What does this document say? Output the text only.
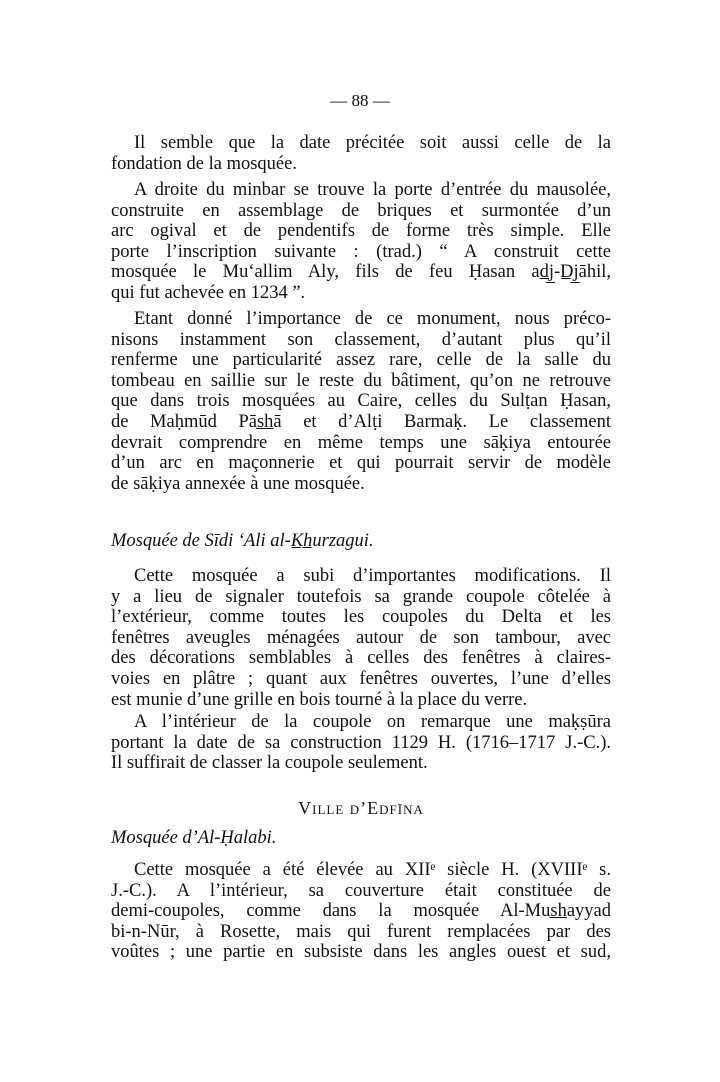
— 88 —
Il semble que la date précitée soit aussi celle de la
fondation de la mosquée.
A droite du minbar se trouve la porte d’entrée du mausolée,
construite en assemblage de briques et surmontée d’un
arc ogival et de pendentifs de forme très simple. Elle
porte l’inscription suivante : (trad.) “ A construit cette
mosquée le Mu‘allim Aly, fils de feu Ḥasan ad̲j̲-D̲j̲āhil,
qui fut achevée en 1234 ”.
Etant donné l’importance de ce monument, nous préco-
nisons instamment son classement, d’autant plus qu’il
renferme une particularité assez rare, celle de la salle du
tombeau en saillie sur le reste du bâtiment, qu’on ne retrouve
que dans trois mosquées au Caire, celles du Sulṭan Ḥasan,
de Maḥmūd Pās̲h̲ā et d’Alṭi Barmaḳ. Le classement
devrait comprendre en même temps une sāḳiya entourée
d’un arc en maçonnerie et qui pourrait servir de modèle
de sāḳiya annexée à une mosquée.
Mosquée de Sīdi ‘Ali al-K̲h̲urzagui.
Cette mosquée a subi d’importantes modifications. Il
y a lieu de signaler toutefois sa grande coupole côtelée à
l’extérieur, comme toutes les coupoles du Delta et les
fenêtres aveugles ménagées autour de son tambour, avec
des décorations semblables à celles des fenêtres à claires-
voies en plâtre ; quant aux fenêtres ouvertes, l’une d’elles
est munie d’une grille en bois tourné à la place du verre.
A l’intérieur de la coupole on remarque une maḳṣūra
portant la date de sa construction 1129 H. (1716–1717 J.-C.).
Il suffirait de classer la coupole seulement.
Ville d’Edfīna
Mosquée d’Al-Ḥalabi.
Cette mosquée a été élevée au XIIᵉ siècle H. (XVIIIᵉ s.
J.-C.). A l’intérieur, sa couverture était constituée de
demi-coupoles, comme dans la mosquée Al-Mus̲h̲ayyad
bi-n-Nūr, à Rosette, mais qui furent remplacées par des
voûtes ; une partie en subsiste dans les angles ouest et sud,
